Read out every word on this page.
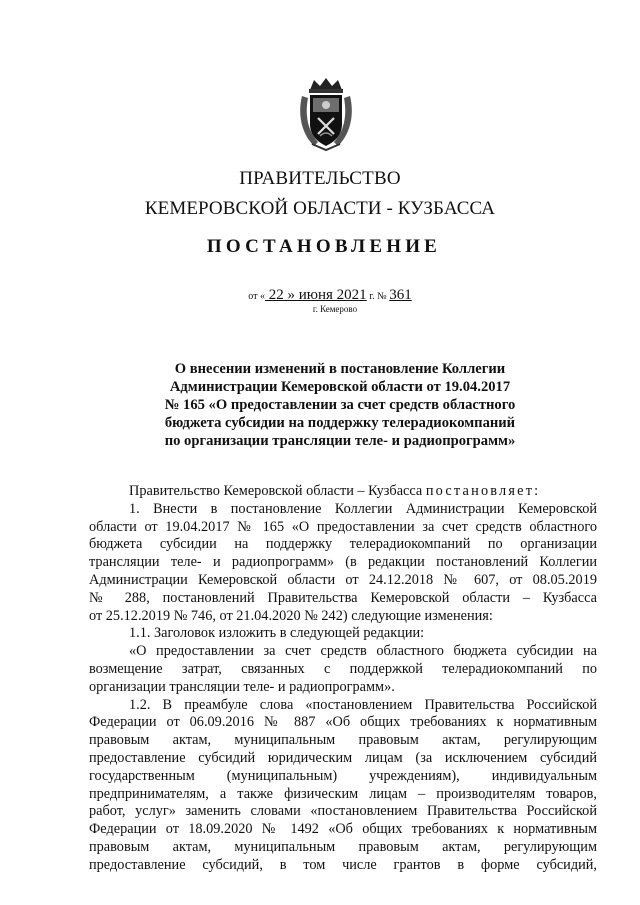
ПРАВИТЕЛЬСТВО
КЕМЕРОВСКОЙ ОБЛАСТИ - КУЗБАССА
ПОСТАНОВЛЕНИЕ
от « 22 » июня 2021 г. № 361
г. Кемерово
О внесении изменений в постановление Коллегии
Администрации Кемеровской области от 19.04.2017
№ 165 «О предоставлении за счет средств областного
бюджета субсидии на поддержку телерадиокомпаний
по организации трансляции теле- и радиопрограмм»
Правительство Кемеровской области – Кузбасса постановляет:
1. Внести в постановление Коллегии Администрации Кемеровской
области от 19.04.2017 № 165 «О предоставлении за счет средств областного
бюджета субсидии на поддержку телерадиокомпаний по организации
трансляции теле- и радиопрограмм» (в редакции постановлений Коллегии
Администрации Кемеровской области от 24.12.2018 № 607, от 08.05.2019
№ 288, постановлений Правительства Кемеровской области – Кузбасса
от 25.12.2019 № 746, от 21.04.2020 № 242) следующие изменения:
1.1. Заголовок изложить в следующей редакции:
«О предоставлении за счет средств областного бюджета субсидии на
возмещение затрат, связанных с поддержкой телерадиокомпаний по
организации трансляции теле- и радиопрограмм».
1.2. В преамбуле слова «постановлением Правительства Российской
Федерации от 06.09.2016 № 887 «Об общих требованиях к нормативным
правовым актам, муниципальным правовым актам, регулирующим
предоставление субсидий юридическим лицам (за исключением субсидий
государственным (муниципальным) учреждениям), индивидуальным
предпринимателям, а также физическим лицам – производителям товаров,
работ, услуг» заменить словами «постановлением Правительства Российской
Федерации от 18.09.2020 № 1492 «Об общих требованиях к нормативным
правовым актам, муниципальным правовым актам, регулирующим
предоставление субсидий, в том числе грантов в форме субсидий,
